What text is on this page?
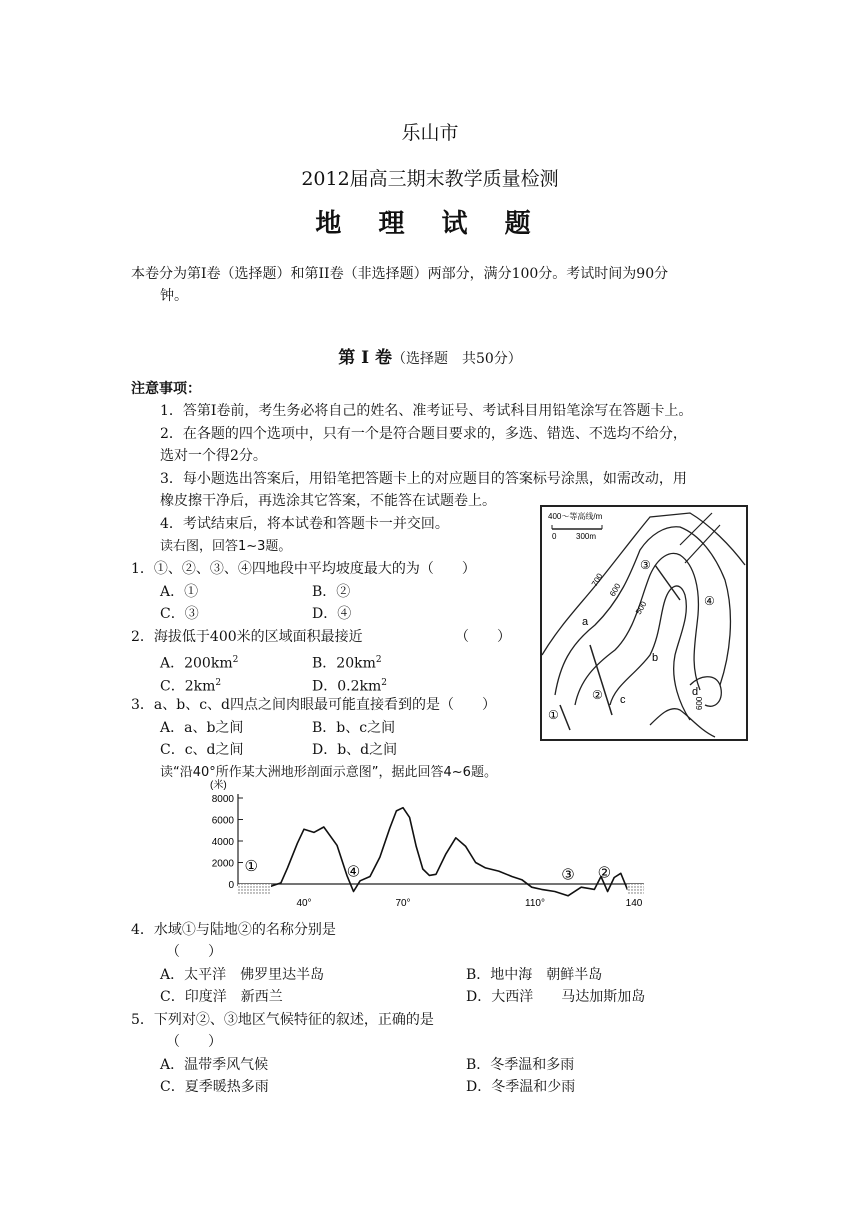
乐山市
2012届高三期末教学质量检测
地 理 试 题
本卷分为第I卷（选择题）和第II卷（非选择题）两部分，满分100分。考试时间为90分
钟。
第 Ⅰ 卷（选择题　共50分）
注意事项：
1．答第I卷前，考生务必将自己的姓名、准考证号、考试科目用铅笔涂写在答题卡上。
2．在各题的四个选项中，只有一个是符合题目要求的，多选、错选、不选均不给分，
选对一个得2分。
3．每小题选出答案后，用铅笔把答题卡上的对应题目的答案标号涂黑，如需改动，用
橡皮擦干净后，再选涂其它答案，不能答在试题卷上。
4．考试结束后，将本试卷和答题卡一并交回。
读右图，回答1~3题。
1．①、②、③、④四地段中平均坡度最大的为（　　）
A．①	B．②
C．③	D．④
2．海拔低于400米的区域面积最接近	（　　）
A．$200km^2$	B．$20km^2$
C．$2km^2$	D．$0.2km^2$
3．a、b、c、d四点之间肉眼最可能直接看到的是（　　）
A．a、b之间	B．b、c之间
C．c、d之间	D．b、d之间
读“沿40°所作某大洲地形剖面示意图”，据此回答4~6题。
400～等高线/m
0 300m
700
600
500
600
a
b
c
d
①
②
③
④
(米)
8000
6000
4000
2000
0
40°	70°	110°	140
①	④	③ ②
4．水域①与陆地②的名称分别是
（　　）
A．太平洋　佛罗里达半岛	B．地中海　朝鲜半岛
C．印度洋　新西兰	D．大西洋　　马达加斯加岛
5．下列对②、③地区气候特征的叙述，正确的是
（　　）
A．温带季风气候	B．冬季温和多雨
C．夏季暖热多雨	D．冬季温和少雨
